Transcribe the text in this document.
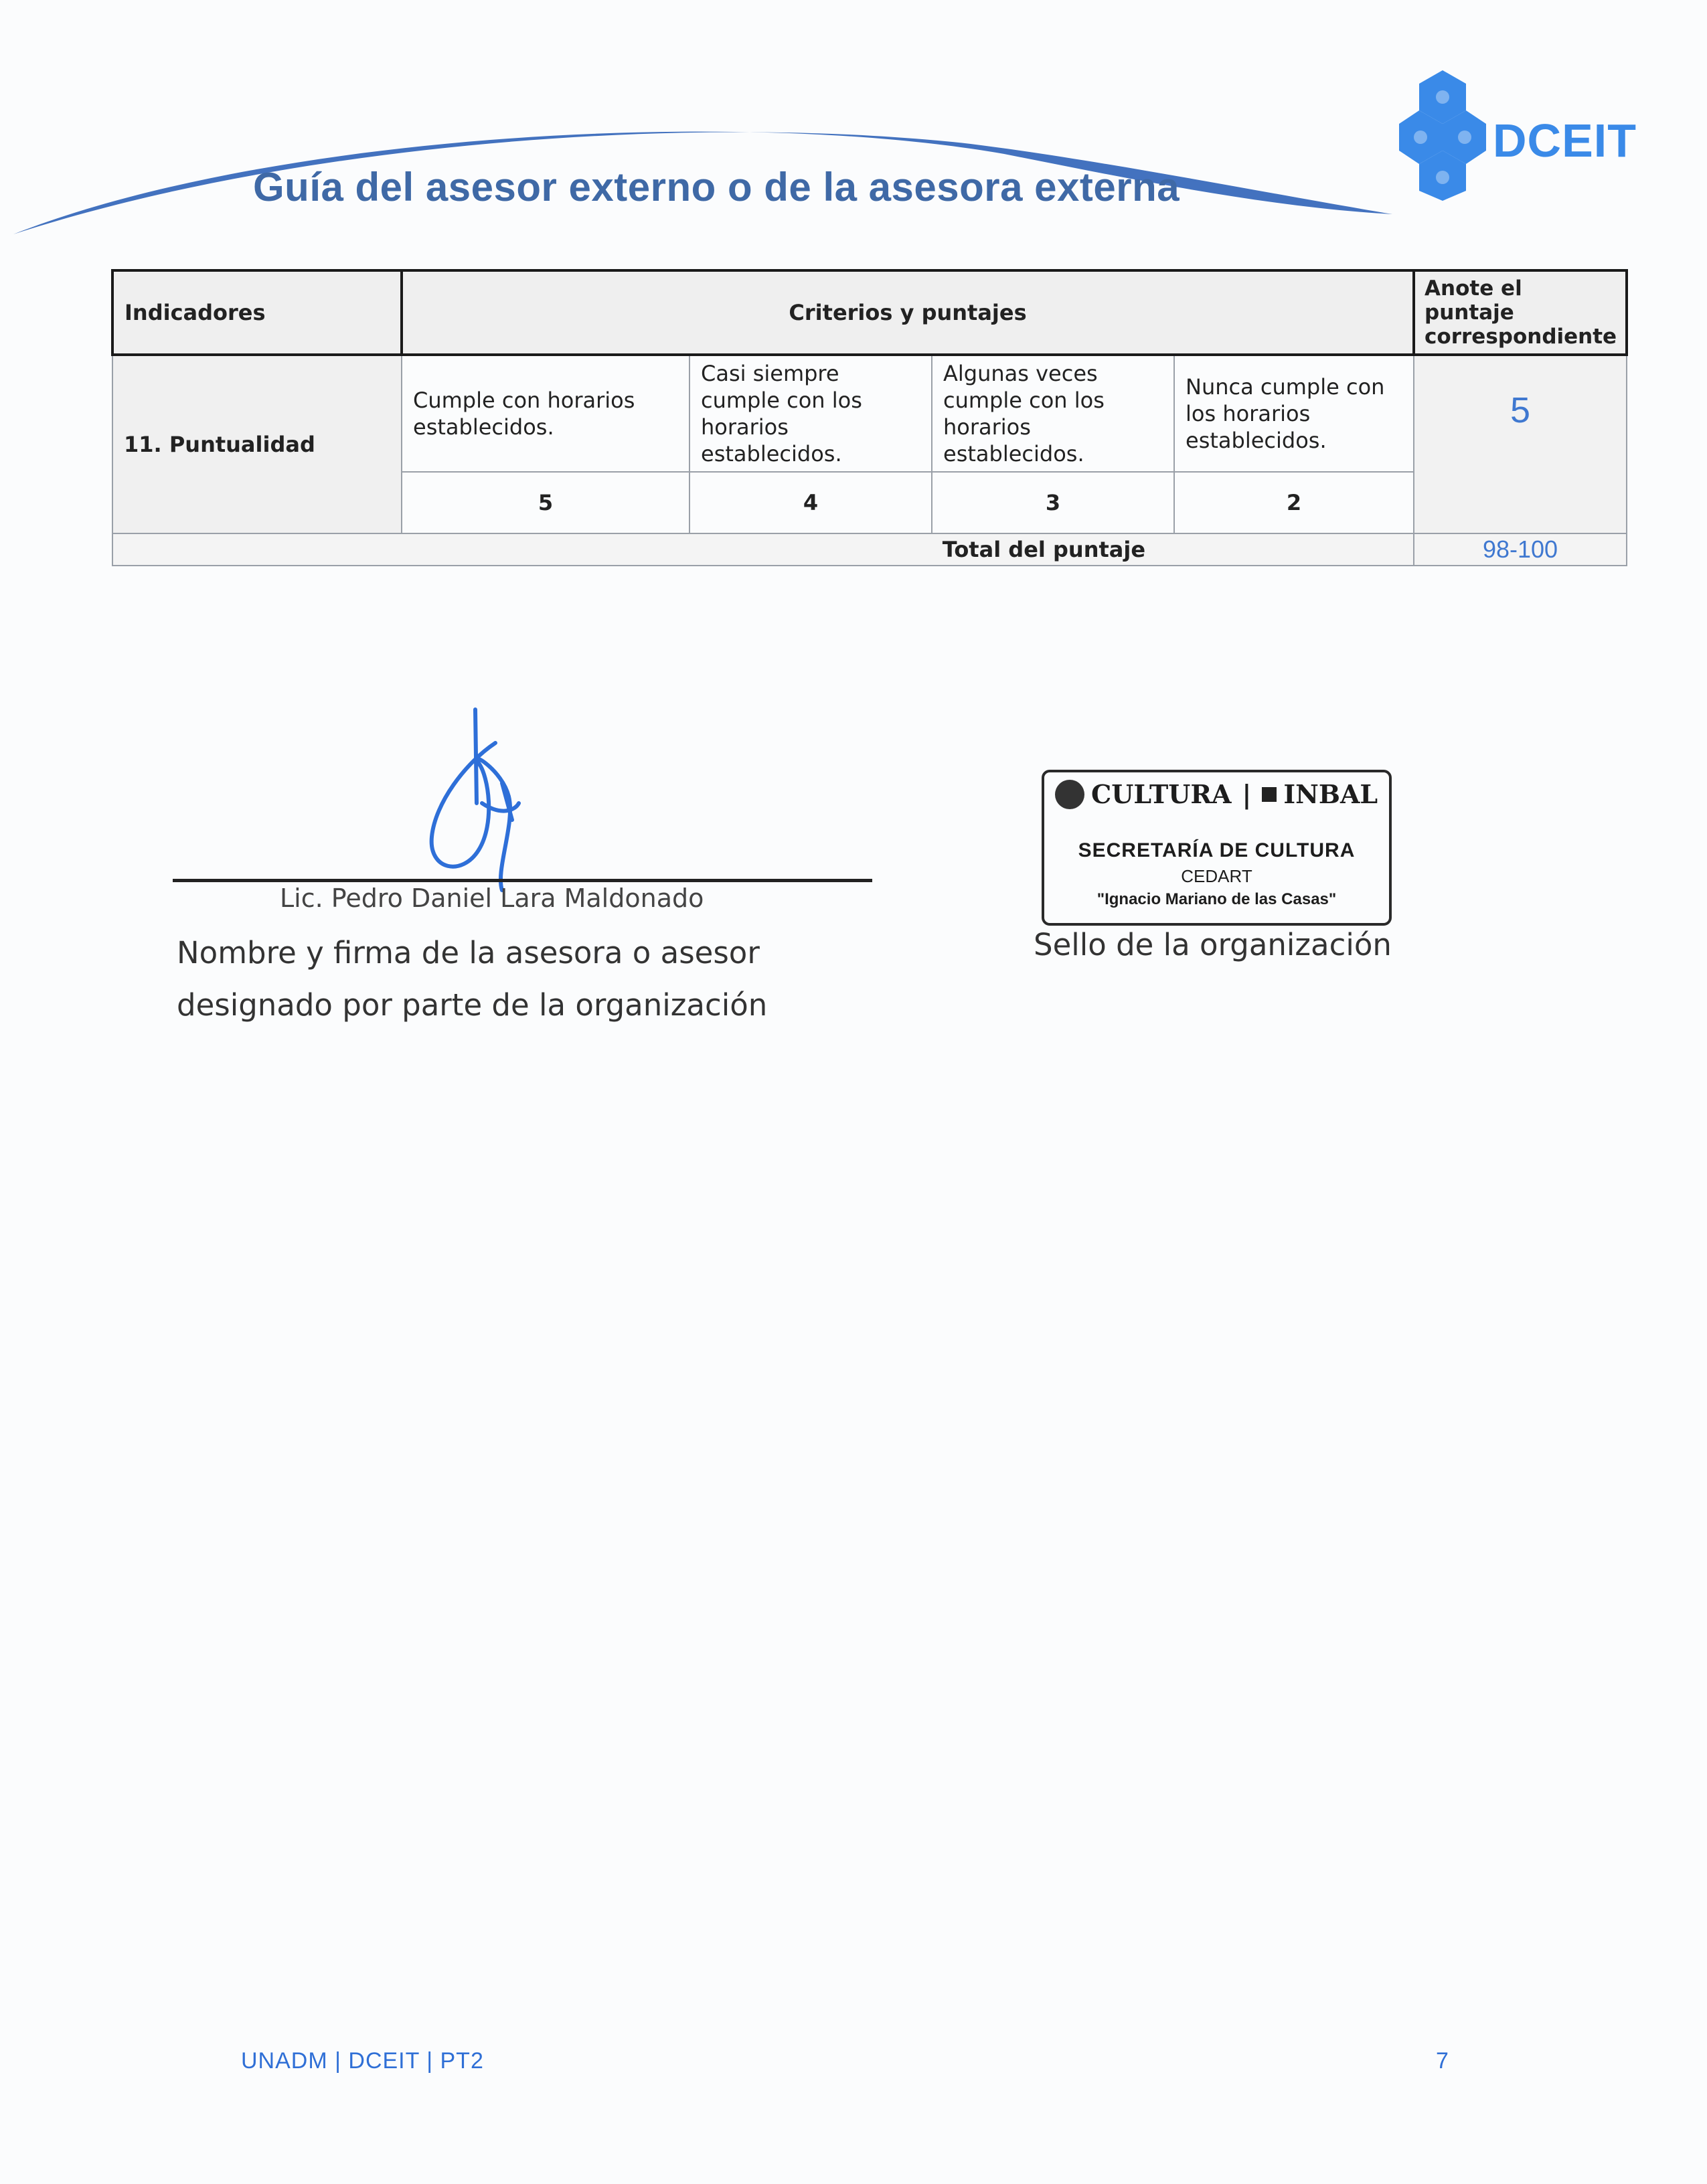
Guía del asesor externo o de la asesora externa
DCEIT
Indicadores	Criterios y puntajes				Anote el puntaje correspondiente
11. Puntualidad	Cumple con horarios establecidos.	Casi siempre cumple con los horarios establecidos.	Algunas veces cumple con los horarios establecidos.	Nunca cumple con los horarios establecidos.	5
	5	4	3	2	
Total del puntaje					98-100
Lic. Pedro Daniel Lara Maldonado
Nombre y firma de la asesora o asesor
designado por parte de la organización
CULTURA | INBAL
SECRETARÍA DE CULTURA
CEDART
"Ignacio Mariano de las Casas"
Sello de la organización
UNADM | DCEIT | PT2	7
